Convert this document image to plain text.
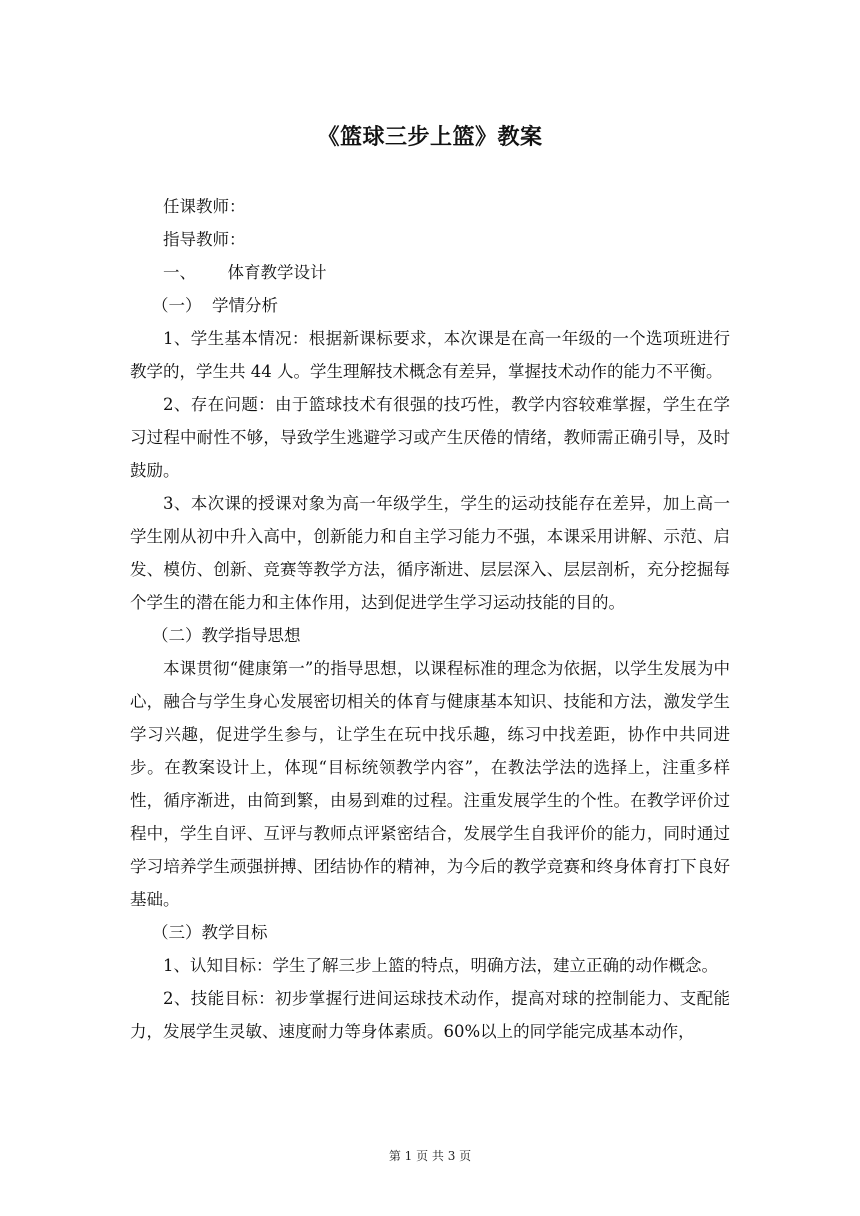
《篮球三步上篮》教案

任课教师：

指导教师：

一、      体育教学设计

（一）  学情分析

1、学生基本情况：根据新课标要求，本次课是在高一年级的一个选项班进行教学的，学生共 44 人。学生理解技术概念有差异，掌握技术动作的能力不平衡。

2、存在问题：由于篮球技术有很强的技巧性，教学内容较难掌握，学生在学习过程中耐性不够，导致学生逃避学习或产生厌倦的情绪，教师需正确引导，及时鼓励。

3、本次课的授课对象为高一年级学生，学生的运动技能存在差异，加上高一学生刚从初中升入高中，创新能力和自主学习能力不强，本课采用讲解、示范、启发、模仿、创新、竞赛等教学方法，循序渐进、层层深入、层层剖析，充分挖掘每个学生的潜在能力和主体作用，达到促进学生学习运动技能的目的。

（二）教学指导思想

本课贯彻“健康第一”的指导思想，以课程标准的理念为依据，以学生发展为中心，融合与学生身心发展密切相关的体育与健康基本知识、技能和方法，激发学生学习兴趣，促进学生参与，让学生在玩中找乐趣，练习中找差距，协作中共同进步。在教案设计上，体现“目标统领教学内容”，在教法学法的选择上，注重多样性，循序渐进，由简到繁，由易到难的过程。注重发展学生的个性。在教学评价过程中，学生自评、互评与教师点评紧密结合，发展学生自我评价的能力，同时通过学习培养学生顽强拼搏、团结协作的精神，为今后的教学竞赛和终身体育打下良好基础。

（三）教学目标

1、认知目标：学生了解三步上篮的特点，明确方法，建立正确的动作概念。

2、技能目标：初步掌握行进间运球技术动作，提高对球的控制能力、支配能力，发展学生灵敏、速度耐力等身体素质。60%以上的同学能完成基本动作，

第 1 页 共 3 页
